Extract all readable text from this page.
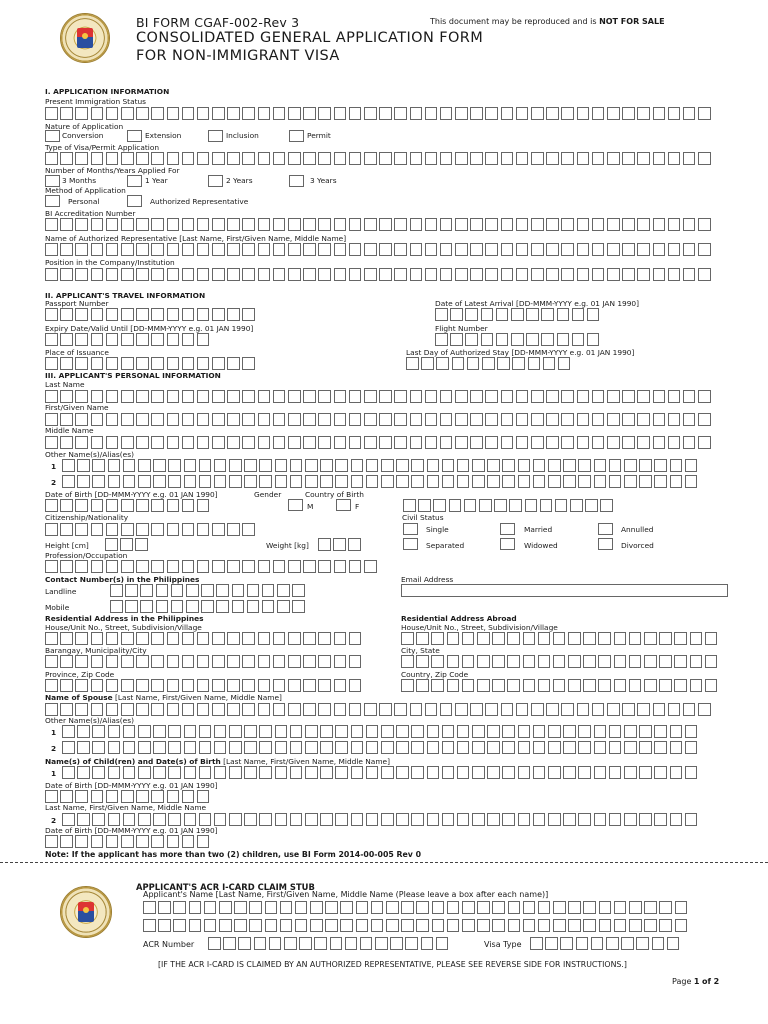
BI FORM CGAF-002-Rev 3	This document may be reproduced and is NOT FOR SALE
CONSOLIDATED GENERAL APPLICATION FORM
FOR NON-IMMIGRANT VISA
I. APPLICATION INFORMATION
Present Immigration Status
Nature of Application
Conversion	Extension	Inclusion	Permit
Type of Visa/Permit Application
Number of Months/Years Applied For
3 Months	1 Year	2 Years	3 Years
Method of Application
Personal	Authorized Representative
BI Accreditation Number
Name of Authorized Representative [Last Name, First/Given Name, Middle Name]
Position in the Company/Institution
II. APPLICANT'S TRAVEL INFORMATION
Passport Number	Date of Latest Arrival [DD-MMM-YYYY e.g. 01 JAN 1990]
Expiry Date/Valid Until [DD-MMM-YYYY e.g. 01 JAN 1990]	Flight Number
Place of Issuance	Last Day of Authorized Stay [DD-MMM-YYYY e.g. 01 JAN 1990]
III. APPLICANT'S PERSONAL INFORMATION
Last Name
First/Given Name
Middle Name
Other Name(s)/Alias(es)
1
2
Date of Birth [DD-MMM-YYYY e.g. 01 JAN 1990]	Gender	Country of Birth
M	F
Citizenship/Nationality	Civil Status
Single	Married	Annulled
Height [cm]	Weight [kg]	Separated	Widowed	Divorced
Profession/Occupation
Contact Number(s) in the Philippines	Email Address
Landline
Mobile
Residential Address in the Philippines	Residential Address Abroad
House/Unit No., Street, Subdivision/Village	House/Unit No., Street, Subdivision/Village
Barangay, Municipality/City	City, State
Province, Zip Code	Country, Zip Code
Name of Spouse [Last Name, First/Given Name, Middle Name]
Other Name(s)/Alias(es)
1
2
Name(s) of Child(ren) and Date(s) of Birth [Last Name, First/Given Name, Middle Name]
1
Date of Birth [DD-MMM-YYYY e.g. 01 JAN 1990]
Last Name, First/Given Name, Middle Name
2
Date of Birth [DD-MMM-YYYY e.g. 01 JAN 1990]
Note: If the applicant has more than two (2) children, use BI Form 2014-00-005 Rev 0
APPLICANT'S ACR I-CARD CLAIM STUB
Applicant's Name [Last Name, First/Given Name, Middle Name (Please leave a box after each name)]
ACR Number	Visa Type
[IF THE ACR I-CARD IS CLAIMED BY AN AUTHORIZED REPRESENTATIVE, PLEASE SEE REVERSE SIDE FOR INSTRUCTIONS.]
Page 1 of 2
